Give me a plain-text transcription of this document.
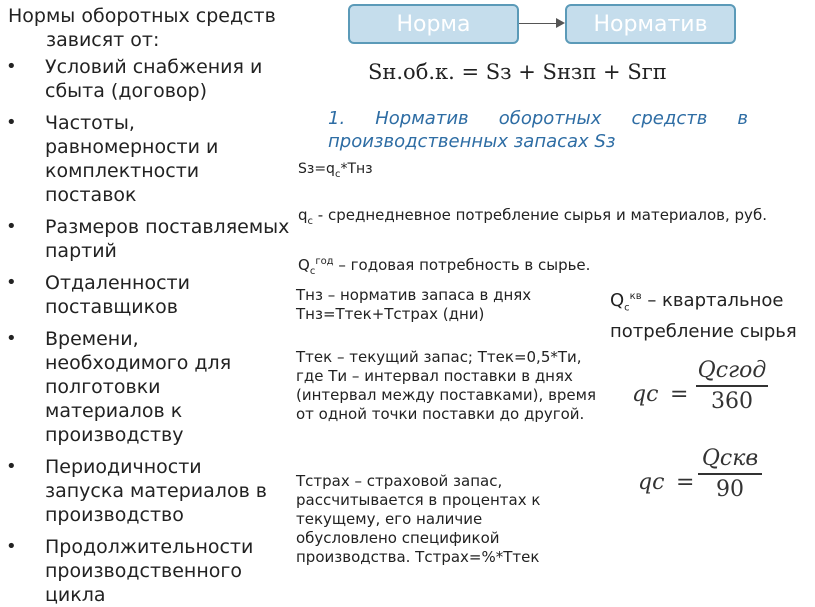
Нормы оборотных средств
зависят от:
• Условий снабжения и сбыта (договор)
• Частоты, равномерности и комплектности поставок
• Размеров поставляемых партий
• Отдаленности поставщиков
• Времени, необходимого для полготовки материалов к производству
• Периодичности запуска материалов в производство
• Продолжительности производственного цикла
Норма	Норматив
Sн.об.к. = Sз + Sнзп + Sгп
1. Норматив оборотных средств в
производственных запасах Sз
$Sз=q_c*Тнз$
$q_c$ - среднедневное потребление сырья и материалов, руб.
$Q_c^{год}$ – годовая потребность в сырье.
Тнз – норматив запаса в днях
Тнз=Ттек+Тстрах (дни)
Ттек – текущий запас; Ттек=0,5*Ти, где Ти – интервал поставки в днях (интервал между поставками), время от одной точки поставки до другой.
Тстрах – страховой запас, рассчитывается в процентах к текущему, его наличие обусловлено спецификой производства. Тстрах=%*Ттек
$Q_c^{кв}$ – квартальное
потребление сырья
qc =
Qсгод
360
qc =
Qскв
90
